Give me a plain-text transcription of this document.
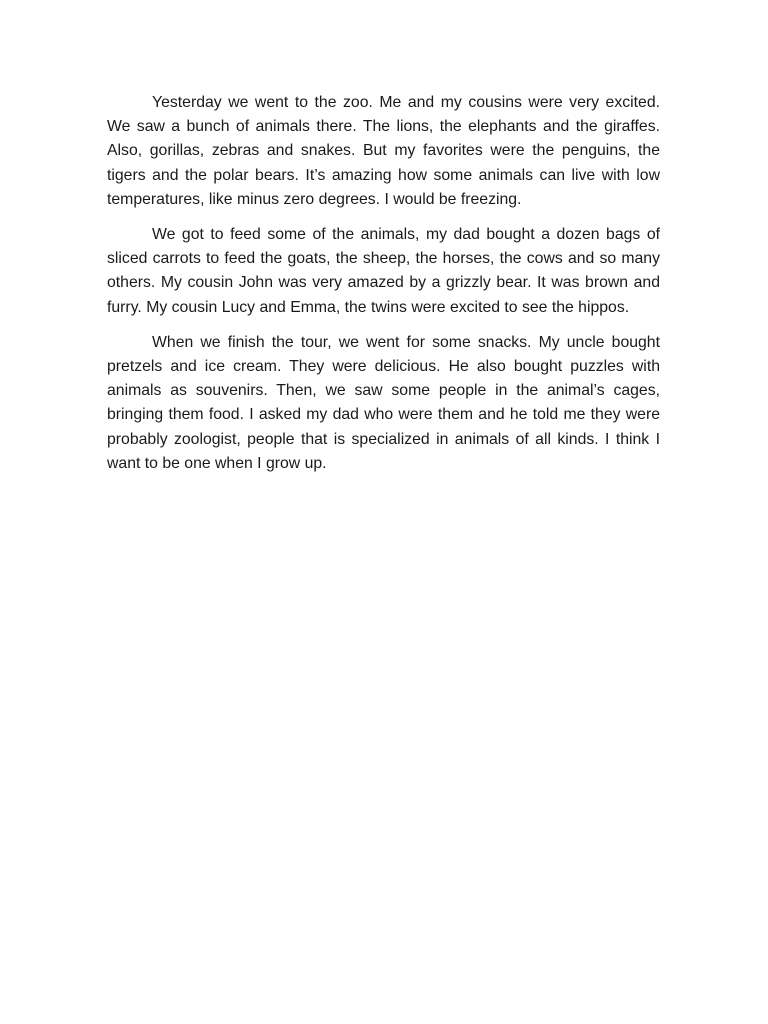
Yesterday we went to the zoo. Me and my cousins were very excited. We saw a bunch of animals there. The lions, the elephants and the giraffes. Also, gorillas, zebras and snakes. But my favorites were the penguins, the tigers and the polar bears. It’s amazing how some animals can live with low temperatures, like minus zero degrees. I would be freezing.

We got to feed some of the animals, my dad bought a dozen bags of sliced carrots to feed the goats, the sheep, the horses, the cows and so many others. My cousin John was very amazed by a grizzly bear. It was brown and furry. My cousin Lucy and Emma, the twins were excited to see the hippos.

When we finish the tour, we went for some snacks. My uncle bought pretzels and ice cream. They were delicious. He also bought puzzles with animals as souvenirs. Then, we saw some people in the animal’s cages, bringing them food. I asked my dad who were them and he told me they were probably zoologist, people that is specialized in animals of all kinds. I think I want to be one when I grow up.
